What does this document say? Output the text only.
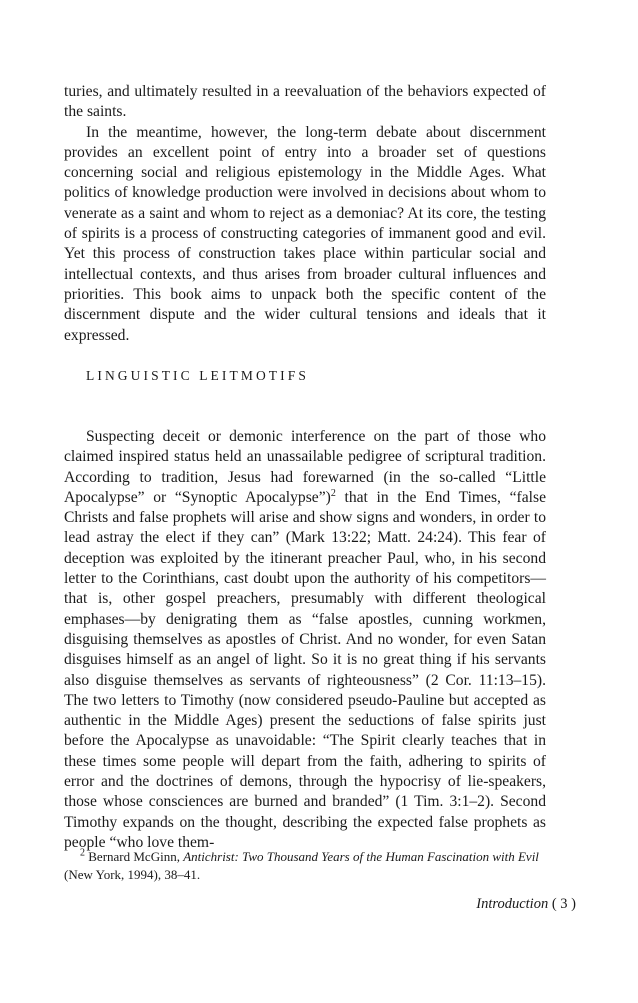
turies, and ultimately resulted in a reevaluation of the behaviors expected of the saints.

In the meantime, however, the long-term debate about discernment provides an excellent point of entry into a broader set of questions concerning social and religious epistemology in the Middle Ages. What politics of knowledge production were involved in decisions about whom to venerate as a saint and whom to reject as a demoniac? At its core, the testing of spirits is a process of constructing categories of immanent good and evil. Yet this process of construction takes place within particular social and intellectual contexts, and thus arises from broader cultural influences and priorities. This book aims to unpack both the specific content of the discernment dispute and the wider cultural tensions and ideals that it expressed.

LINGUISTIC LEITMOTIFS

Suspecting deceit or demonic interference on the part of those who claimed inspired status held an unassailable pedigree of scriptural tradition. According to tradition, Jesus had forewarned (in the so-called “Little Apocalypse” or “Synoptic Apocalypse”)$^2$ that in the End Times, “false Christs and false prophets will arise and show signs and wonders, in order to lead astray the elect if they can” (Mark 13:22; Matt. 24:24). This fear of deception was exploited by the itinerant preacher Paul, who, in his second letter to the Corinthians, cast doubt upon the authority of his competitors—that is, other gospel preachers, presumably with different theological emphases—by denigrating them as “false apostles, cunning workmen, disguising themselves as apostles of Christ. And no wonder, for even Satan disguises himself as an angel of light. So it is no great thing if his servants also disguise themselves as servants of righteousness” (2 Cor. 11:13–15). The two letters to Timothy (now considered pseudo-Pauline but accepted as authentic in the Middle Ages) present the seductions of false spirits just before the Apocalypse as unavoidable: “The Spirit clearly teaches that in these times some people will depart from the faith, adhering to spirits of error and the doctrines of demons, through the hypocrisy of lie-speakers, those whose consciences are burned and branded” (1 Tim. 3:1–2). Second Timothy expands on the thought, describing the expected false prophets as people “who love them-

$^2$ Bernard McGinn, Antichrist: Two Thousand Years of the Human Fascination with Evil (New York, 1994), 38–41.

Introduction ( 3 )
